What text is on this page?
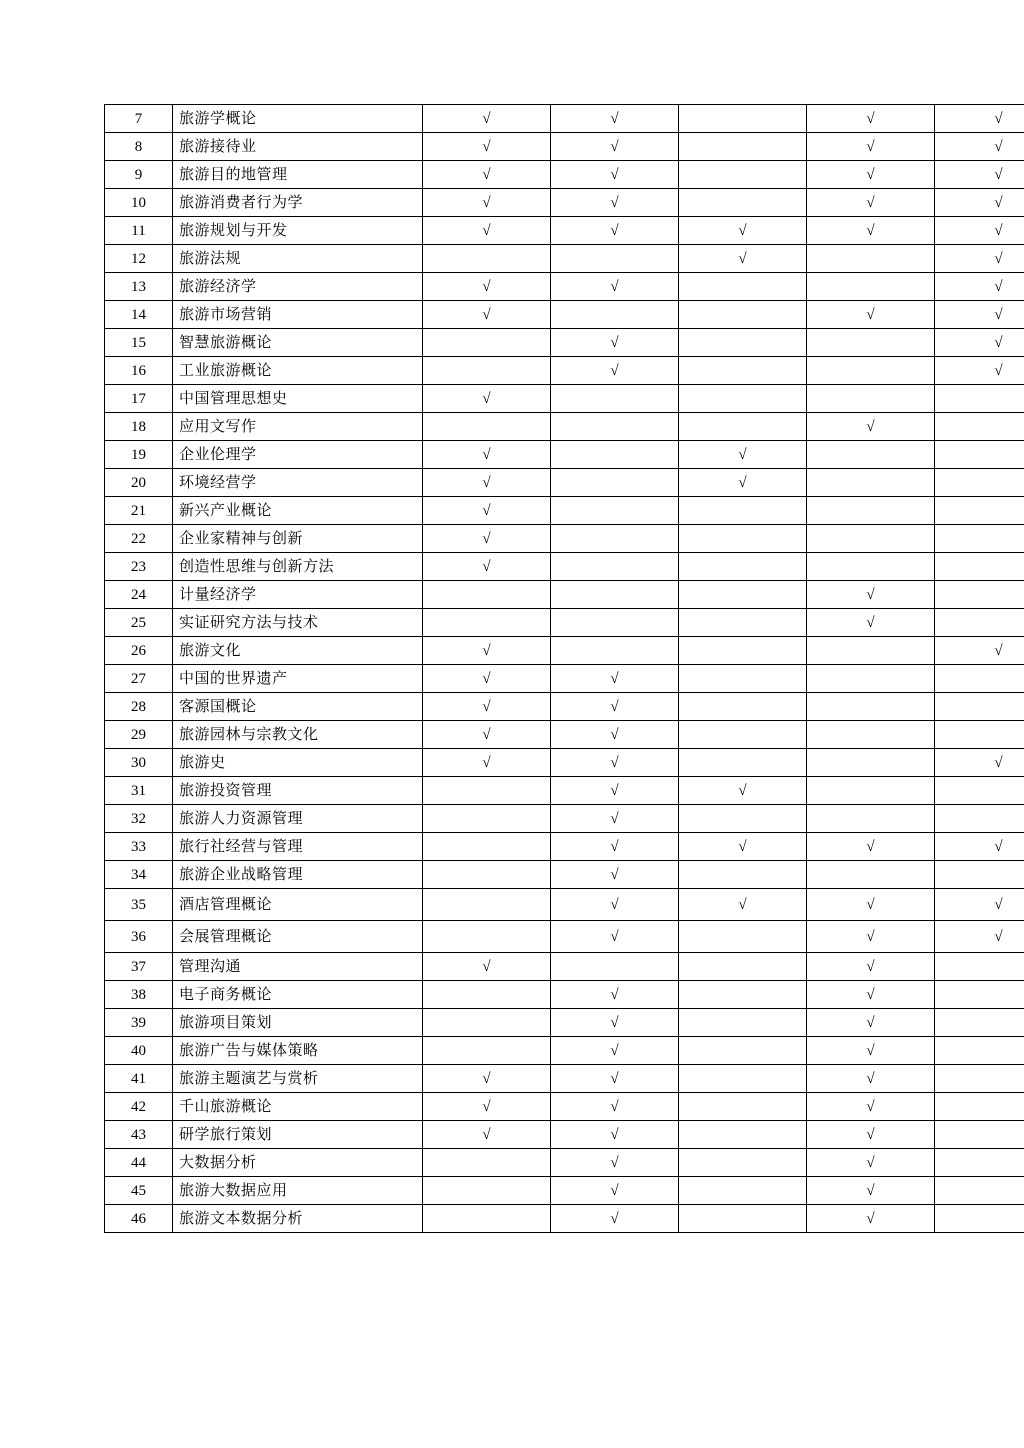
7	旅游学概论	√	√		√	√
8	旅游接待业	√	√		√	√
9	旅游目的地管理	√	√		√	√
10	旅游消费者行为学	√	√		√	√
11	旅游规划与开发	√	√	√	√	√
12	旅游法规			√		√
13	旅游经济学	√	√			√
14	旅游市场营销	√			√	√
15	智慧旅游概论		√			√
16	工业旅游概论		√			√
17	中国管理思想史	√				
18	应用文写作				√	
19	企业伦理学	√		√		
20	环境经营学	√		√		
21	新兴产业概论	√				
22	企业家精神与创新	√				
23	创造性思维与创新方法	√				
24	计量经济学				√	
25	实证研究方法与技术				√	
26	旅游文化	√				√
27	中国的世界遗产	√	√			
28	客源国概论	√	√			
29	旅游园林与宗教文化	√	√			
30	旅游史	√	√			√
31	旅游投资管理		√	√		
32	旅游人力资源管理		√			
33	旅行社经营与管理		√	√	√	√
34	旅游企业战略管理		√			
35	酒店管理概论		√	√	√	√
36	会展管理概论		√		√	√
37	管理沟通	√			√	
38	电子商务概论		√		√	
39	旅游项目策划		√		√	
40	旅游广告与媒体策略		√		√	
41	旅游主题演艺与赏析	√	√		√	
42	千山旅游概论	√	√		√	
43	研学旅行策划	√	√		√	
44	大数据分析		√		√	
45	旅游大数据应用		√		√	
46	旅游文本数据分析		√		√	
